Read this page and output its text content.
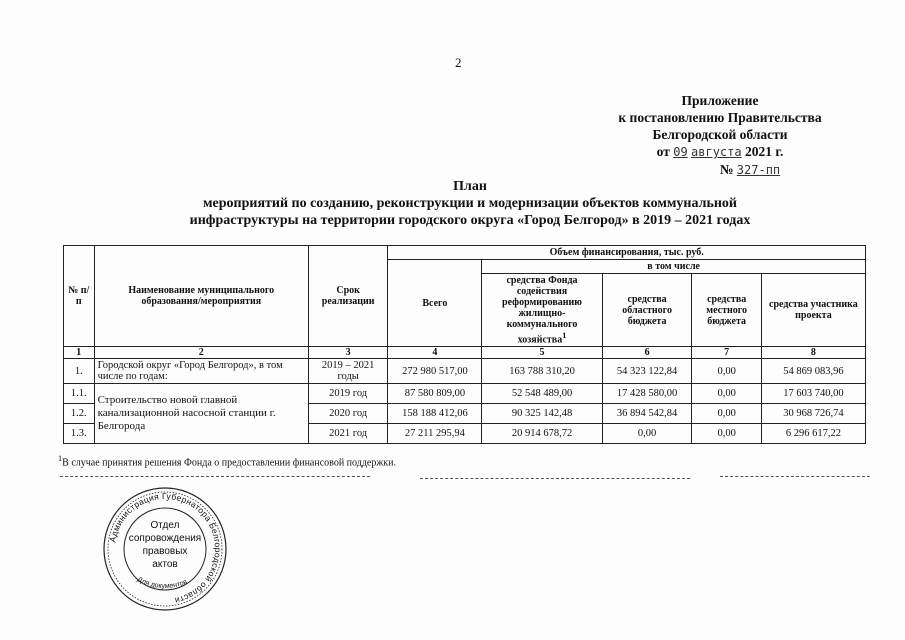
2
Приложение
к постановлению Правительства
Белгородской области
от 09 августа 2021 г.
№ 327-пп
План
мероприятий по созданию, реконструкции и модернизации объектов коммунальной
инфраструктуры на территории городского округа «Город Белгород» в 2019 – 2021 годах
№ п/п	Наименование муниципального образования/мероприятия	Срок реализации	Объем финансирования, тыс. руб.				
			Всего	в том числе			
				средства Фонда содействия реформированию жилищно-коммунального хозяйства$^1$	средства областного бюджета	средства местного бюджета	средства участника проекта
1	2	3	4	5	6	7	8
1.	Городской округ «Город Белгород», в том числе по годам:	2019 – 2021 годы	272 980 517,00	163 788 310,20	54 323 122,84	0,00	54 869 083,96
1.1.	Строительство новой главной канализационной насосной станции г. Белгорода	2019 год	87 580 809,00	52 548 489,00	17 428 580,00	0,00	17 603 740,00
1.2.		2020 год	158 188 412,06	90 325 142,48	36 894 542,84	0,00	30 968 726,74
1.3.		2021 год	27 211 295,94	20 914 678,72	0,00	0,00	6 296 617,22
$^1$В случае принятия решения Фонда о предоставлении финансовой поддержки.
Администрация Губернатора Белгородской области
Отдел
сопровождения
правовых
актов
Для документов
